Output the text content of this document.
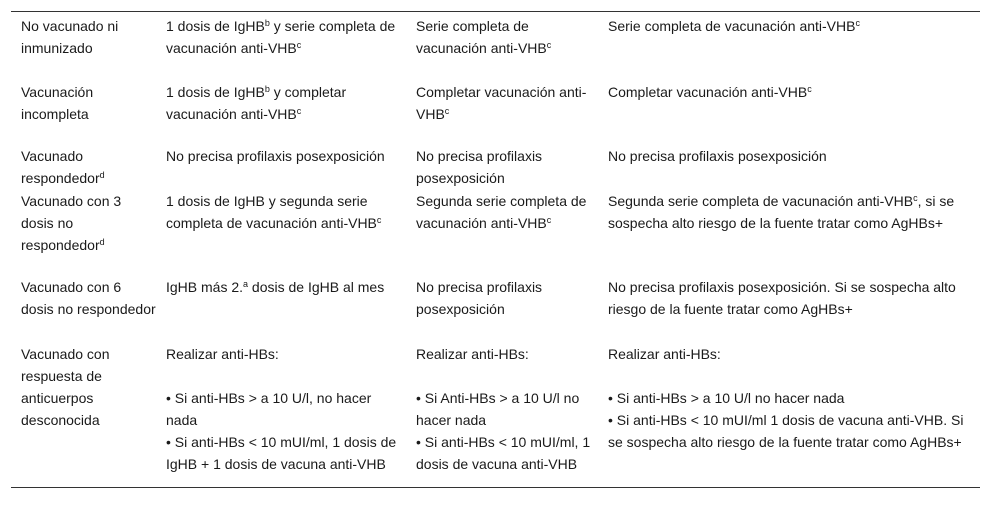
No vacunado ni inmunizado
1 dosis de IgHB$^b$ y serie completa de vacunación anti-VHB$^c$
Serie completa de vacunación anti-VHB$^c$
Serie completa de vacunación anti-VHB$^c$
Vacunación incompleta
1 dosis de IgHB$^b$ y completar vacunación anti-VHB$^c$
Completar vacunación anti-VHB$^c$
Completar vacunación anti-VHB$^c$
Vacunado respondedor$^d$
No precisa profilaxis posexposición	No precisa profilaxis posexposición
No precisa profilaxis posexposición
Vacunado con 3 dosis no respondedor$^d$
1 dosis de IgHB y segunda serie completa de vacunación anti-VHB$^c$
Segunda serie completa de vacunación anti-VHB$^c$
Segunda serie completa de vacunación anti-VHB$^c$, si se sospecha alto riesgo de la fuente tratar como AgHBs+
Vacunado con 6 dosis no respondedor
IgHB más 2.$^a$ dosis de IgHB al mes	No precisa profilaxis posexposición
No precisa profilaxis posexposición. Si se sospecha alto riesgo de la fuente tratar como AgHBs+
Vacunado con respuesta de anticuerpos desconocida
Realizar anti-HBs:
• Si anti-HBs > a 10 U/l, no hacer nada
• Si anti-HBs < 10 mUI/ml, 1 dosis de IgHB + 1 dosis de vacuna anti-VHB
Realizar anti-HBs:
• Si Anti-HBs > a 10 U/l no hacer nada
• Si anti-HBs < 10 mUI/ml, 1 dosis de vacuna anti-VHB
Realizar anti-HBs:
• Si anti-HBs > a 10 U/l no hacer nada
• Si anti-HBs < 10 mUI/ml 1 dosis de vacuna anti-VHB. Si se sospecha alto riesgo de la fuente tratar como AgHBs+
